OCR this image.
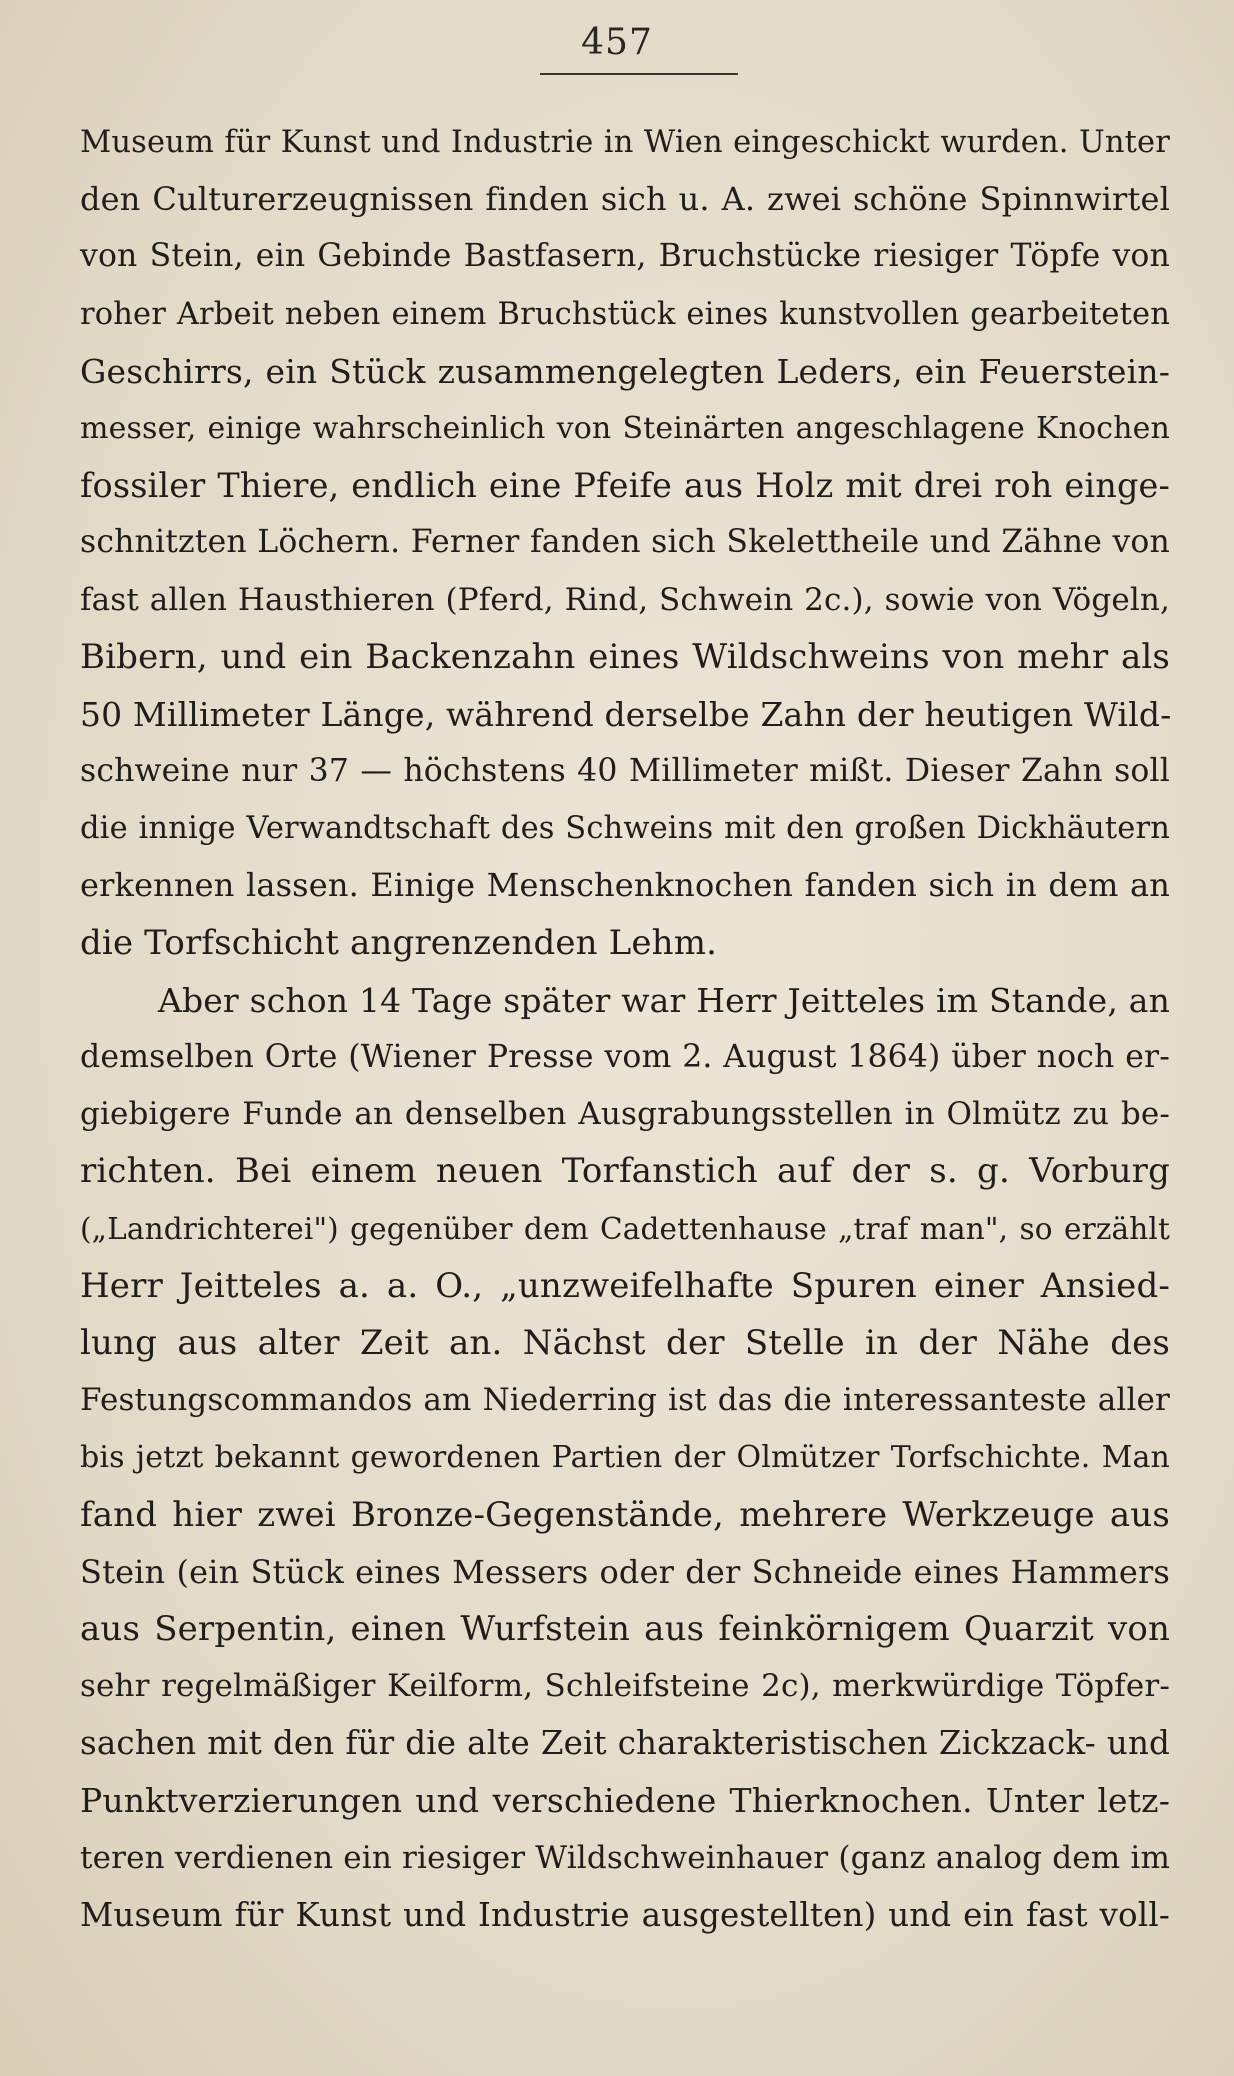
457
Museum für Kunst und Industrie in Wien eingeschickt wurden. Unter
den Culturerzeugnissen finden sich u. A. zwei schöne Spinnwirtel
von Stein, ein Gebinde Bastfasern, Bruchstücke riesiger Töpfe von
roher Arbeit neben einem Bruchstück eines kunstvollen gearbeiteten
Geschirrs, ein Stück zusammengelegten Leders, ein Feuerstein-
messer, einige wahrscheinlich von Steinärten angeschlagene Knochen
fossiler Thiere, endlich eine Pfeife aus Holz mit drei roh einge-
schnitzten Löchern. Ferner fanden sich Skelettheile und Zähne von
fast allen Hausthieren (Pferd, Rind, Schwein 2c.), sowie von Vögeln,
Bibern, und ein Backenzahn eines Wildschweins von mehr als
50 Millimeter Länge, während derselbe Zahn der heutigen Wild-
schweine nur 37 — höchstens 40 Millimeter mißt. Dieser Zahn soll
die innige Verwandtschaft des Schweins mit den großen Dickhäutern
erkennen lassen. Einige Menschenknochen fanden sich in dem an
die Torfschicht angrenzenden Lehm.
Aber schon 14 Tage später war Herr Jeitteles im Stande, an
demselben Orte (Wiener Presse vom 2. August 1864) über noch er-
giebigere Funde an denselben Ausgrabungsstellen in Olmütz zu be-
richten. Bei einem neuen Torfanstich auf der s. g. Vorburg
(„Landrichterei") gegenüber dem Cadettenhause „traf man", so erzählt
Herr Jeitteles a. a. O., „unzweifelhafte Spuren einer Ansied-
lung aus alter Zeit an. Nächst der Stelle in der Nähe des
Festungscommandos am Niederring ist das die interessanteste aller
bis jetzt bekannt gewordenen Partien der Olmützer Torfschichte. Man
fand hier zwei Bronze-Gegenstände, mehrere Werkzeuge aus
Stein (ein Stück eines Messers oder der Schneide eines Hammers
aus Serpentin, einen Wurfstein aus feinkörnigem Quarzit von
sehr regelmäßiger Keilform, Schleifsteine 2c), merkwürdige Töpfer-
sachen mit den für die alte Zeit charakteristischen Zickzack- und
Punktverzierungen und verschiedene Thierknochen. Unter letz-
teren verdienen ein riesiger Wildschweinhauer (ganz analog dem im
Museum für Kunst und Industrie ausgestellten) und ein fast voll-
